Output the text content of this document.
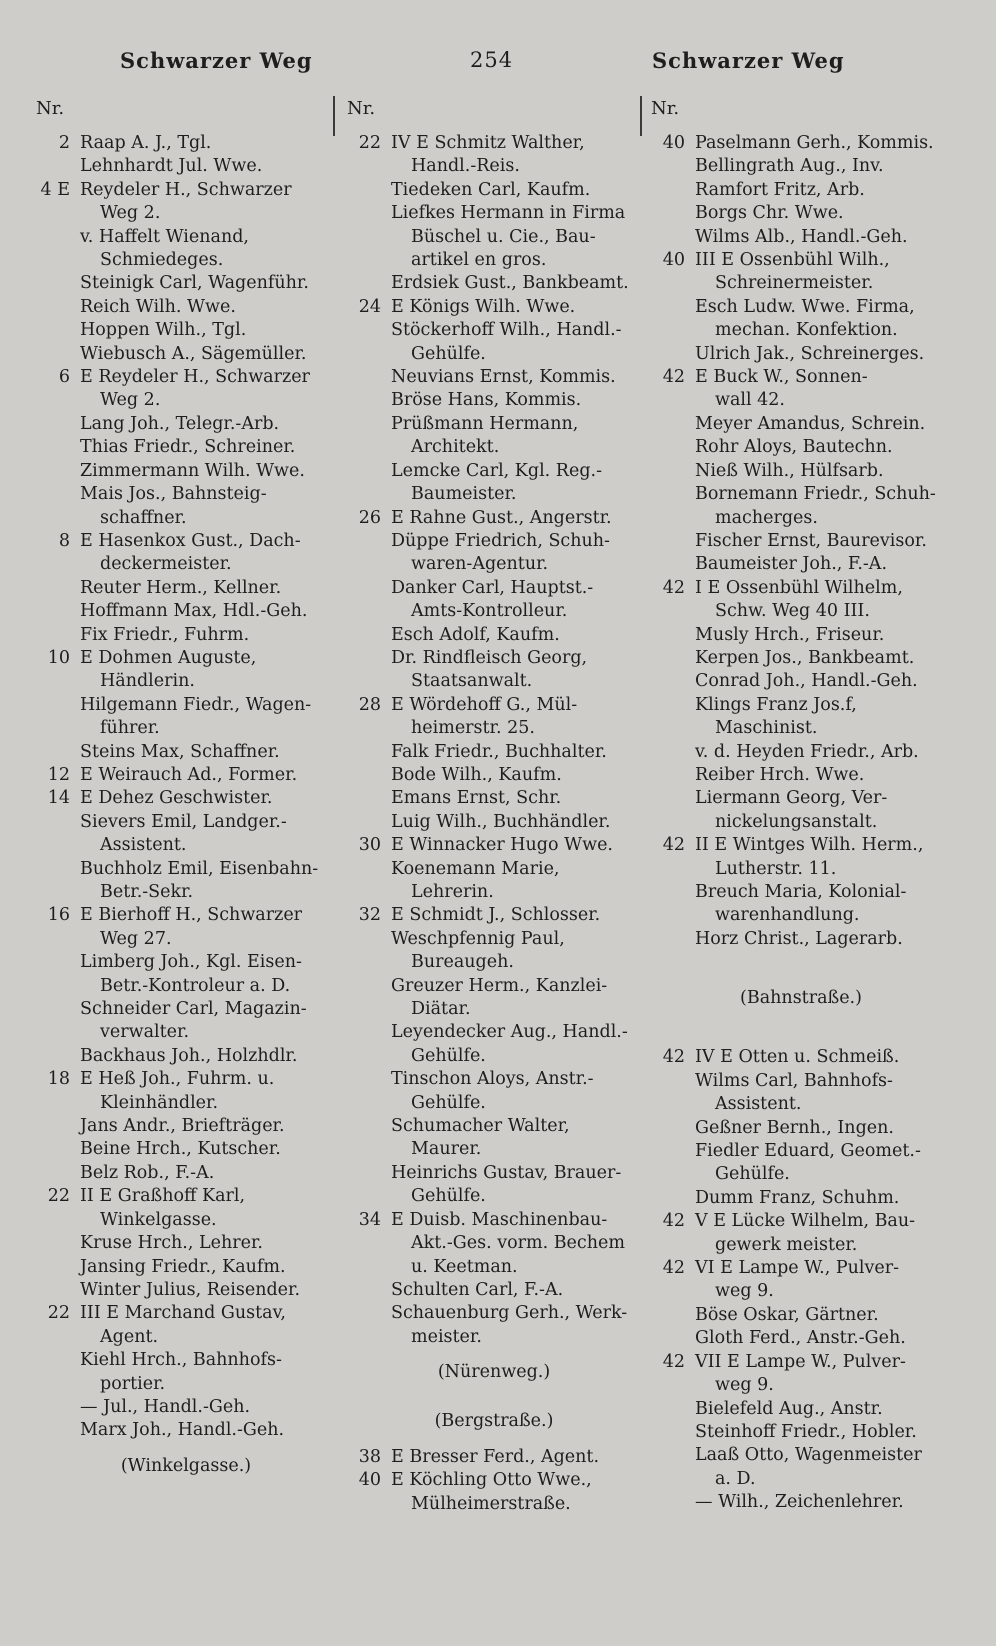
Schwarzer Weg	254	Schwarzer Weg
Nr.
2 Raap A. J., Tgl.
Lehnhardt Jul. Wwe.
4 E Reydeler H., Schwarzer
Weg 2.
v. Haffelt Wienand,
Schmiedeges.
Steinigk Carl, Wagenführ.
Reich Wilh. Wwe.
Hoppen Wilh., Tgl.
Wiebusch A., Sägemüller.
6 E Reydeler H., Schwarzer
Weg 2.
Lang Joh., Telegr.-Arb.
Thias Friedr., Schreiner.
Zimmermann Wilh. Wwe.
Mais Jos., Bahnsteig-
schaffner.
8 E Hasenkox Gust., Dach-
deckermeister.
Reuter Herm., Kellner.
Hoffmann Max, Hdl.-Geh.
Fix Friedr., Fuhrm.
10 E Dohmen Auguste,
Händlerin.
Hilgemann Fiedr., Wagen-
führer.
Steins Max, Schaffner.
12 E Weirauch Ad., Former.
14 E Dehez Geschwister.
Sievers Emil, Landger.-
Assistent.
Buchholz Emil, Eisenbahn-
Betr.-Sekr.
16 E Bierhoff H., Schwarzer
Weg 27.
Limberg Joh., Kgl. Eisen-
Betr.-Kontroleur a. D.
Schneider Carl, Magazin-
verwalter.
Backhaus Joh., Holzhdlr.
18 E Heß Joh., Fuhrm. u.
Kleinhändler.
Jans Andr., Briefträger.
Beine Hrch., Kutscher.
Belz Rob., F.-A.
22 II E Graßhoff Karl,
Winkelgasse.
Kruse Hrch., Lehrer.
Jansing Friedr., Kaufm.
Winter Julius, Reisender.
22 III E Marchand Gustav,
Agent.
Kiehl Hrch., Bahnhofs-
portier.
— Jul., Handl.-Geh.
Marx Joh., Handl.-Geh.
(Winkelgasse.)
Nr.
22 IV E Schmitz Walther,
Handl.-Reis.
Tiedeken Carl, Kaufm.
Liefkes Hermann in Firma
Büschel u. Cie., Bau-
artikel en gros.
Erdsiek Gust., Bankbeamt.
24 E Königs Wilh. Wwe.
Stöckerhoff Wilh., Handl.-
Gehülfe.
Neuvians Ernst, Kommis.
Bröse Hans, Kommis.
Prüßmann Hermann,
Architekt.
Lemcke Carl, Kgl. Reg.-
Baumeister.
26 E Rahne Gust., Angerstr.
Düppe Friedrich, Schuh-
waren-Agentur.
Danker Carl, Hauptst.-
Amts-Kontrolleur.
Esch Adolf, Kaufm.
Dr. Rindfleisch Georg,
Staatsanwalt.
28 E Wördehoff G., Mül-
heimerstr. 25.
Falk Friedr., Buchhalter.
Bode Wilh., Kaufm.
Emans Ernst, Schr.
Luig Wilh., Buchhändler.
30 E Winnacker Hugo Wwe.
Koenemann Marie,
Lehrerin.
32 E Schmidt J., Schlosser.
Weschpfennig Paul,
Bureaugeh.
Greuzer Herm., Kanzlei-
Diätar.
Leyendecker Aug., Handl.-
Gehülfe.
Tinschon Aloys, Anstr.-
Gehülfe.
Schumacher Walter,
Maurer.
Heinrichs Gustav, Brauer-
Gehülfe.
34 E Duisb. Maschinenbau-
Akt.-Ges. vorm. Bechem
u. Keetman.
Schulten Carl, F.-A.
Schauenburg Gerh., Werk-
meister.
(Nürenweg.)
(Bergstraße.)
38 E Bresser Ferd., Agent.
40 E Köchling Otto Wwe.,
Mülheimerstraße.
Nr.
40 Paselmann Gerh., Kommis.
Bellingrath Aug., Inv.
Ramfort Fritz, Arb.
Borgs Chr. Wwe.
Wilms Alb., Handl.-Geh.
40 III E Ossenbühl Wilh.,
Schreinermeister.
Esch Ludw. Wwe. Firma,
mechan. Konfektion.
Ulrich Jak., Schreinerges.
42 E Buck W., Sonnen-
wall 42.
Meyer Amandus, Schrein.
Rohr Aloys, Bautechn.
Nieß Wilh., Hülfsarb.
Bornemann Friedr., Schuh-
macherges.
Fischer Ernst, Baurevisor.
Baumeister Joh., F.-A.
42 I E Ossenbühl Wilhelm,
Schw. Weg 40 III.
Musly Hrch., Friseur.
Kerpen Jos., Bankbeamt.
Conrad Joh., Handl.-Geh.
Klings Franz Jos.f,
Maschinist.
v. d. Heyden Friedr., Arb.
Reiber Hrch. Wwe.
Liermann Georg, Ver-
nickelungsanstalt.
42 II E Wintges Wilh. Herm.,
Lutherstr. 11.
Breuch Maria, Kolonial-
warenhandlung.
Horz Christ., Lagerarb.
(Bahnstraße.)
42 IV E Otten u. Schmeiß.
Wilms Carl, Bahnhofs-
Assistent.
Geßner Bernh., Ingen.
Fiedler Eduard, Geomet.-
Gehülfe.
Dumm Franz, Schuhm.
42 V E Lücke Wilhelm, Bau-
gewerk meister.
42 VI E Lampe W., Pulver-
weg 9.
Böse Oskar, Gärtner.
Gloth Ferd., Anstr.-Geh.
42 VII E Lampe W., Pulver-
weg 9.
Bielefeld Aug., Anstr.
Steinhoff Friedr., Hobler.
Laaß Otto, Wagenmeister
a. D.
— Wilh., Zeichenlehrer.
